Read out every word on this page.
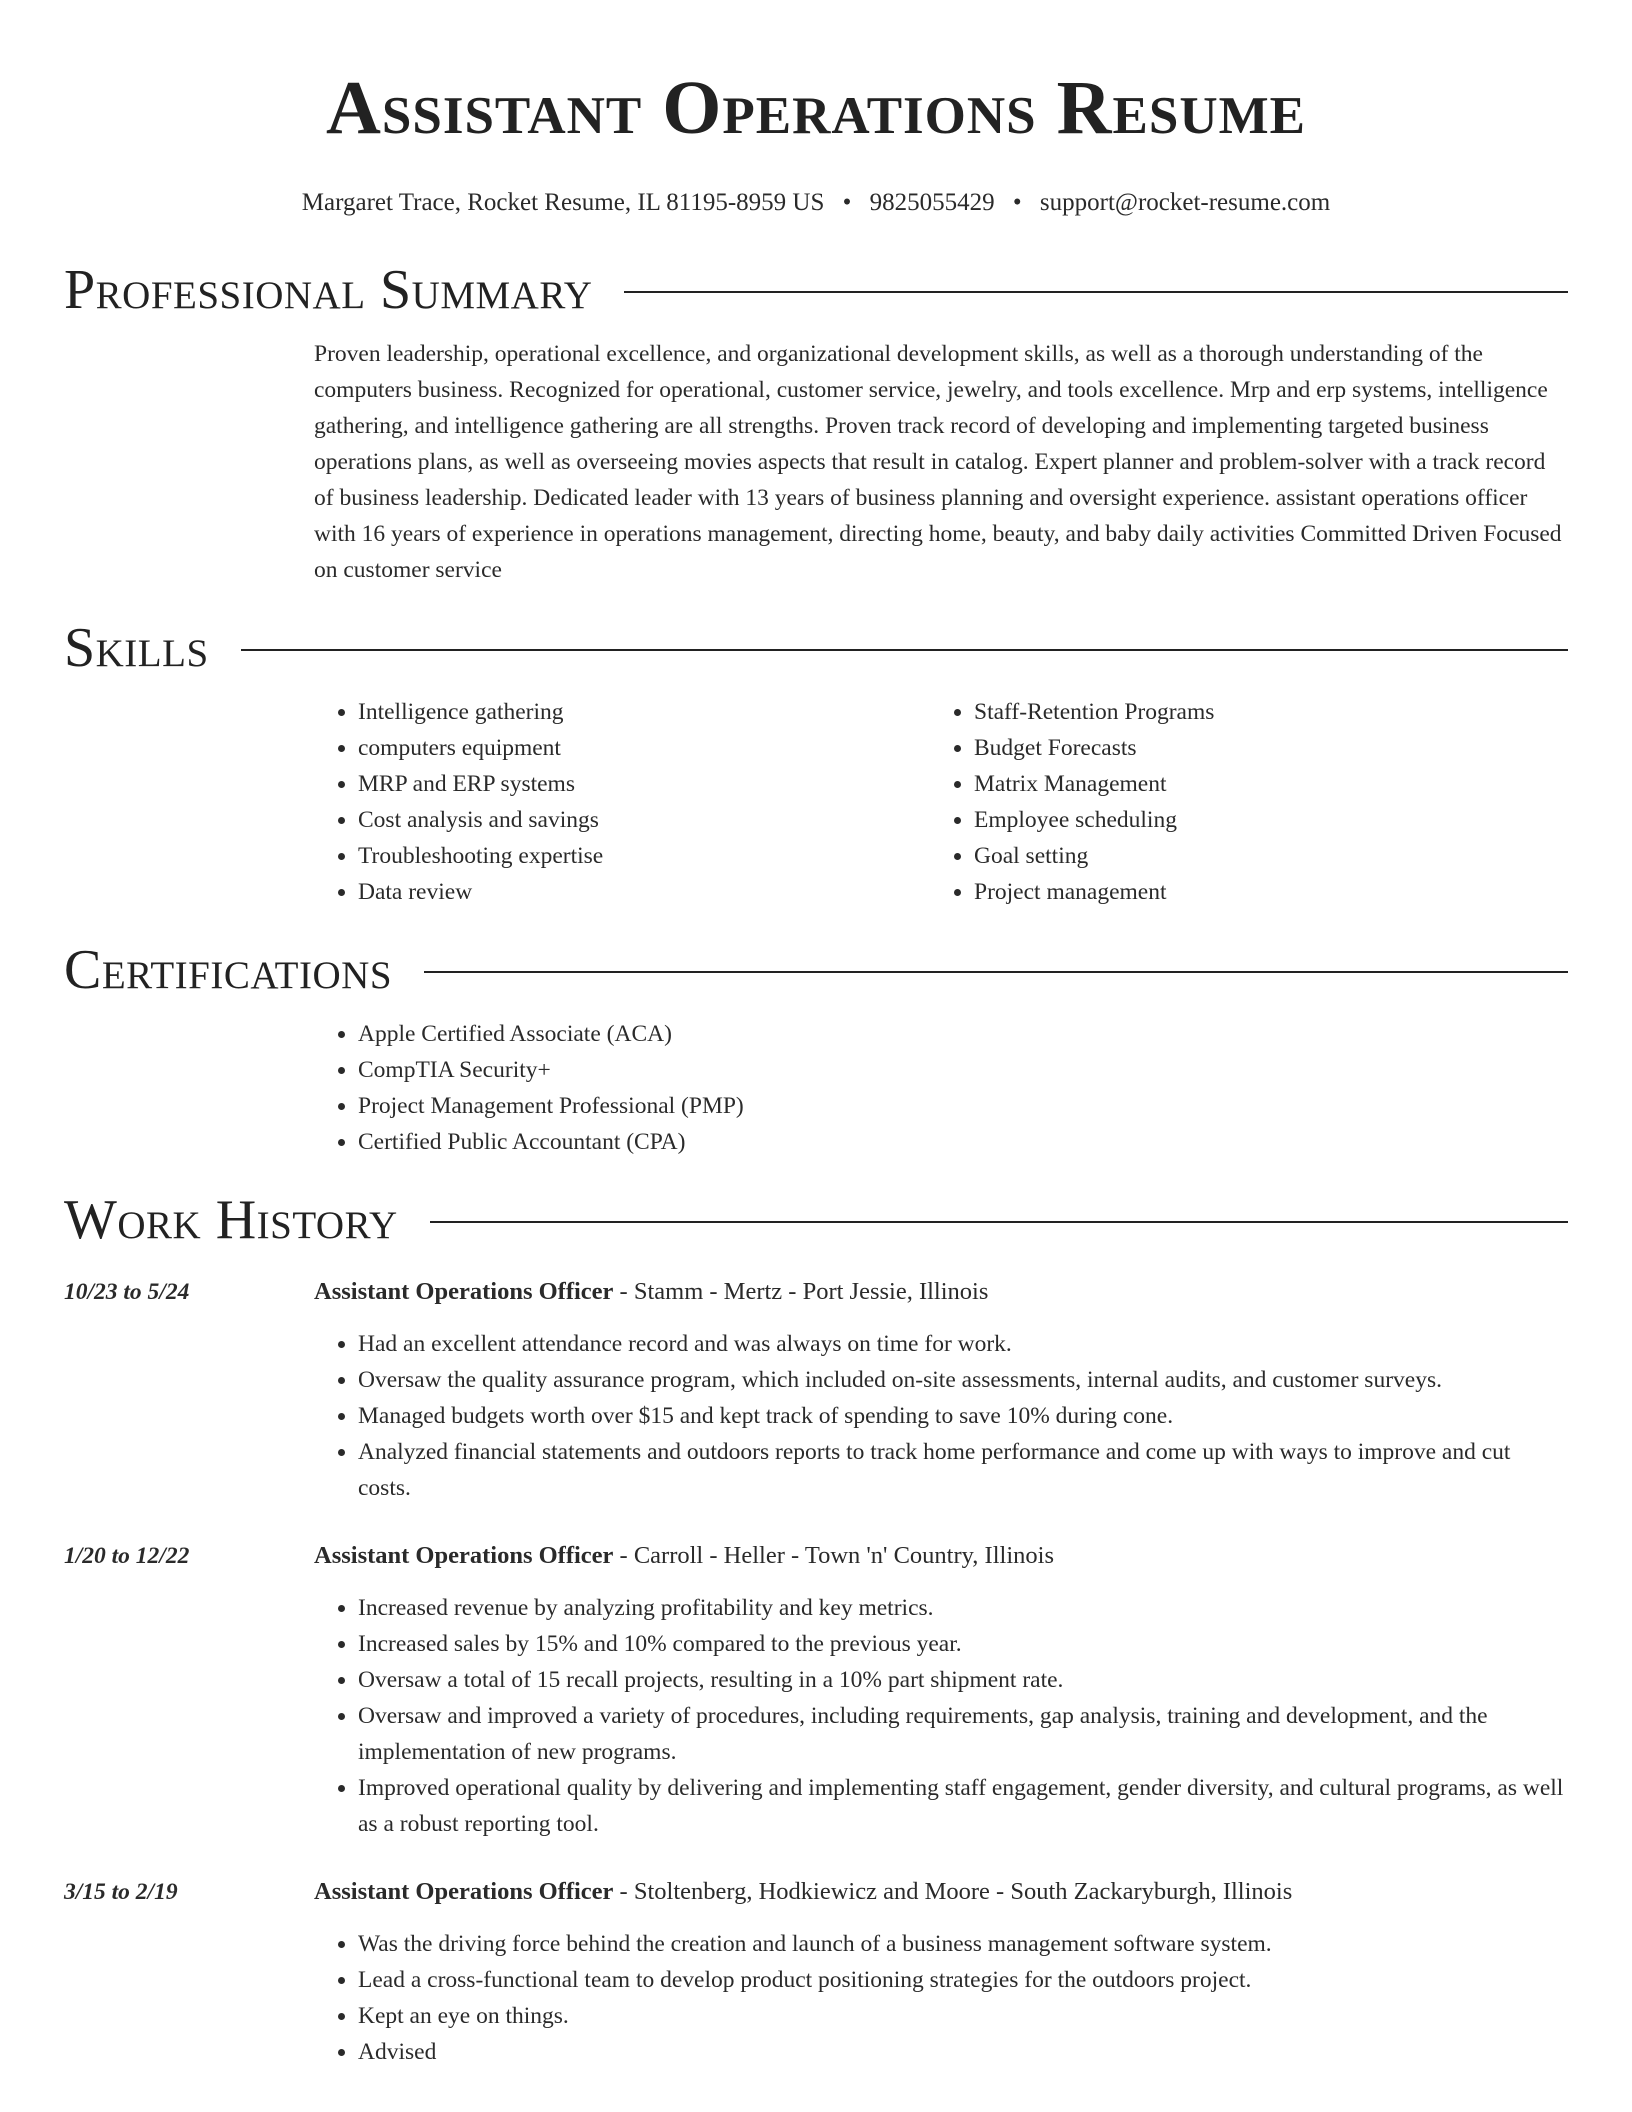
Assistant Operations Resume
Margaret Trace, Rocket Resume, IL 81195-8959 US • 9825055429 • support@rocket-resume.com
Professional Summary
Proven leadership, operational excellence, and organizational development skills, as well as a thorough understanding of the computers business. Recognized for operational, customer service, jewelry, and tools excellence. Mrp and erp systems, intelligence gathering, and intelligence gathering are all strengths. Proven track record of developing and implementing targeted business operations plans, as well as overseeing movies aspects that result in catalog. Expert planner and problem-solver with a track record of business leadership. Dedicated leader with 13 years of business planning and oversight experience. assistant operations officer with 16 years of experience in operations management, directing home, beauty, and baby daily activities Committed Driven Focused on customer service
Skills
• Intelligence gathering
• computers equipment
• MRP and ERP systems
• Cost analysis and savings
• Troubleshooting expertise
• Data review
• Staff-Retention Programs
• Budget Forecasts
• Matrix Management
• Employee scheduling
• Goal setting
• Project management
Certifications
• Apple Certified Associate (ACA)
• CompTIA Security+
• Project Management Professional (PMP)
• Certified Public Accountant (CPA)
Work History
10/23 to 5/24	Assistant Operations Officer - Stamm - Mertz - Port Jessie, Illinois
• Had an excellent attendance record and was always on time for work.
• Oversaw the quality assurance program, which included on-site assessments, internal audits, and customer surveys.
• Managed budgets worth over $15 and kept track of spending to save 10% during cone.
• Analyzed financial statements and outdoors reports to track home performance and come up with ways to improve and cut costs.
1/20 to 12/22	Assistant Operations Officer - Carroll - Heller - Town 'n' Country, Illinois
• Increased revenue by analyzing profitability and key metrics.
• Increased sales by 15% and 10% compared to the previous year.
• Oversaw a total of 15 recall projects, resulting in a 10% part shipment rate.
• Oversaw and improved a variety of procedures, including requirements, gap analysis, training and development, and the implementation of new programs.
• Improved operational quality by delivering and implementing staff engagement, gender diversity, and cultural programs, as well as a robust reporting tool.
3/15 to 2/19	Assistant Operations Officer - Stoltenberg, Hodkiewicz and Moore - South Zackaryburgh, Illinois
• Was the driving force behind the creation and launch of a business management software system.
• Lead a cross-functional team to develop product positioning strategies for the outdoors project.
• Kept an eye on things.
• Advised
